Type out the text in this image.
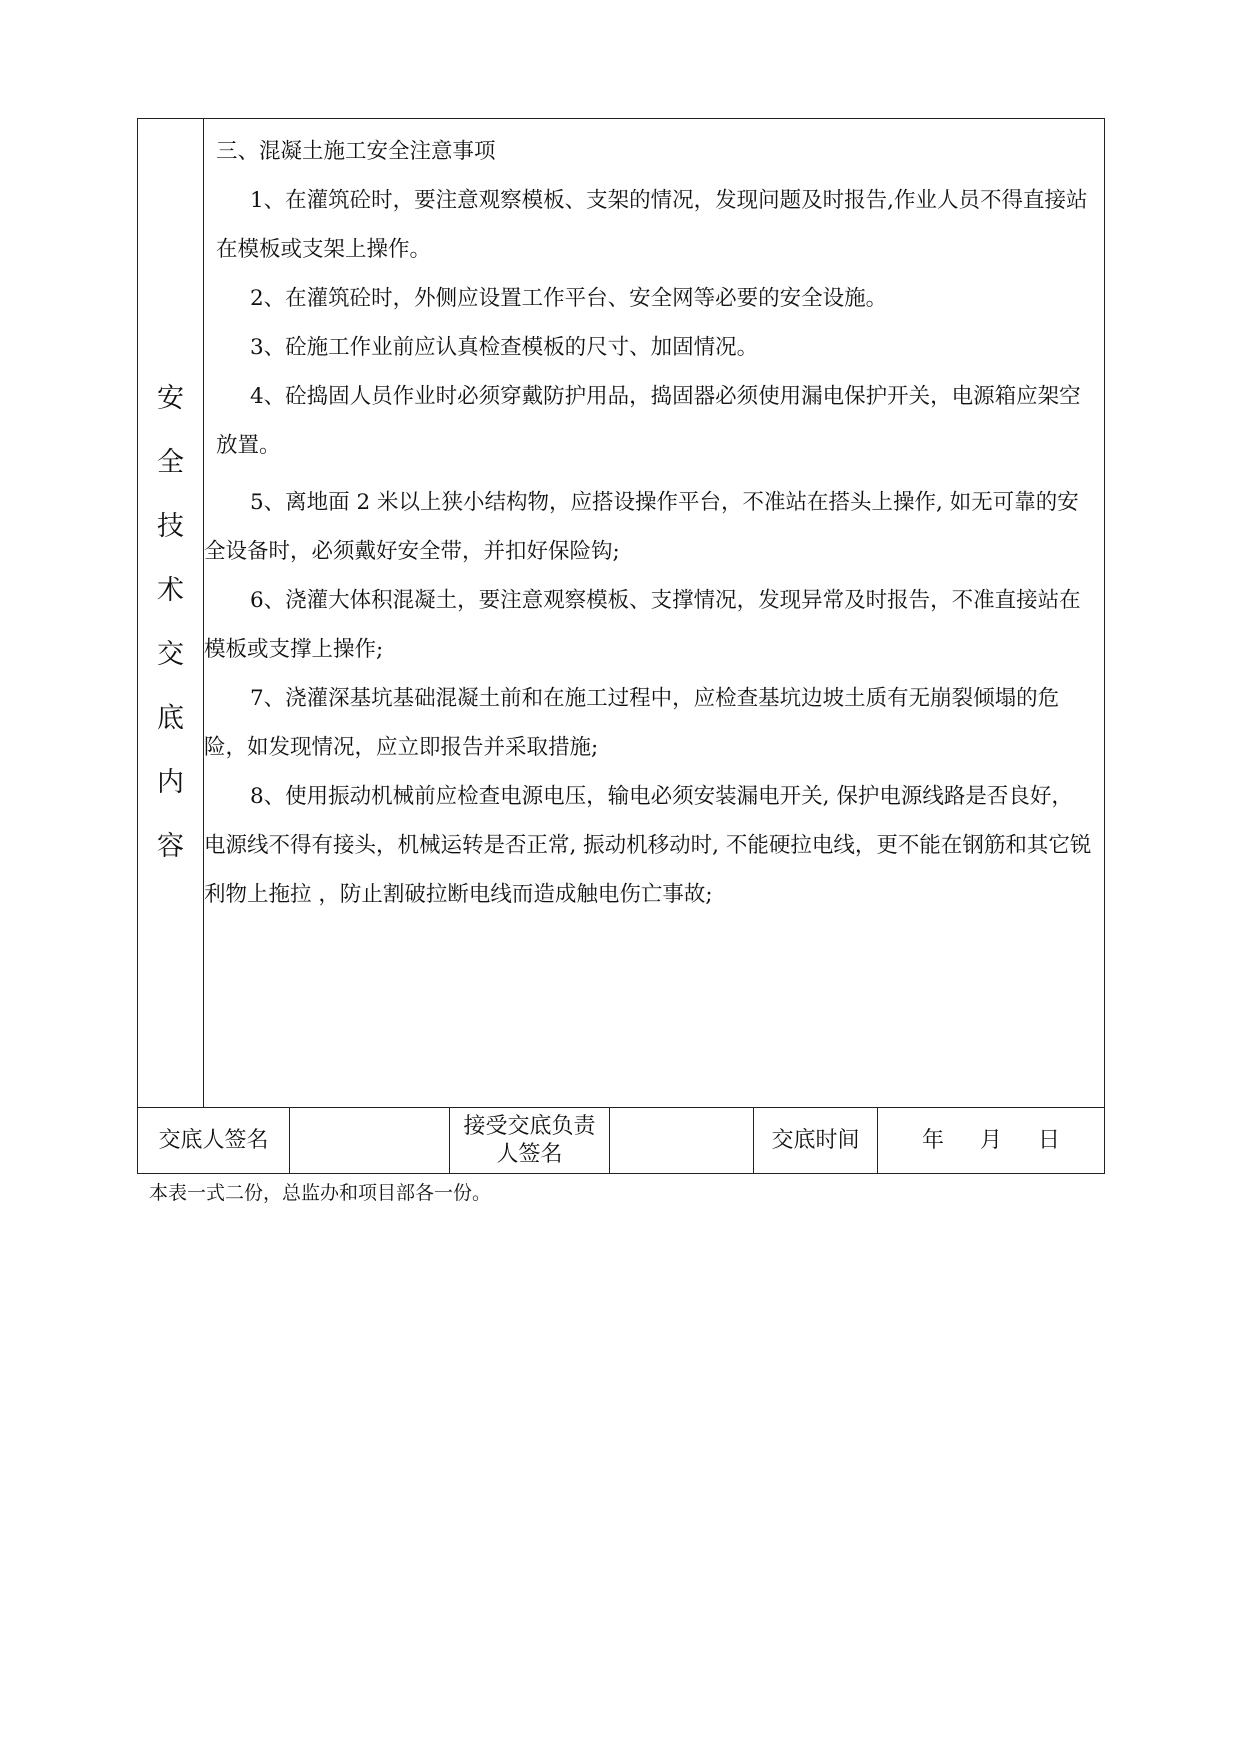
安
全
技
术
交
底
内
容
三、混凝土施工安全注意事项

1、在灌筑砼时，要注意观察模板、支架的情况，发现问题及时报告,作业人员不得直接站在模板或支架上操作。

2、在灌筑砼时，外侧应设置工作平台、安全网等必要的安全设施。

3、砼施工作业前应认真检查模板的尺寸、加固情况。

4、砼捣固人员作业时必须穿戴防护用品，捣固器必须使用漏电保护开关，电源箱应架空放置。

5、离地面 2 米以上狭小结构物，应搭设操作平台，不准站在搭头上操作, 如无可靠的安全设备时，必须戴好安全带，并扣好保险钩;

6、浇灌大体积混凝土，要注意观察模板、支撑情况，发现异常及时报告，不准直接站在模板或支撑上操作;

7、浇灌深基坑基础混凝土前和在施工过程中，应检查基坑边坡土质有无崩裂倾塌的危险，如发现情况，应立即报告并采取措施;

8、使用振动机械前应检查电源电压，输电必须安装漏电开关, 保护电源线路是否良好，电源线不得有接头，机械运转是否正常, 振动机移动时, 不能硬拉电线，更不能在钢筋和其它锐利物上拖拉 ，防止割破拉断电线而造成触电伤亡事故;

交底人签名
接受交底负责人签名
交底时间	年 月 日
本表一式二份，总监办和项目部各一份。
